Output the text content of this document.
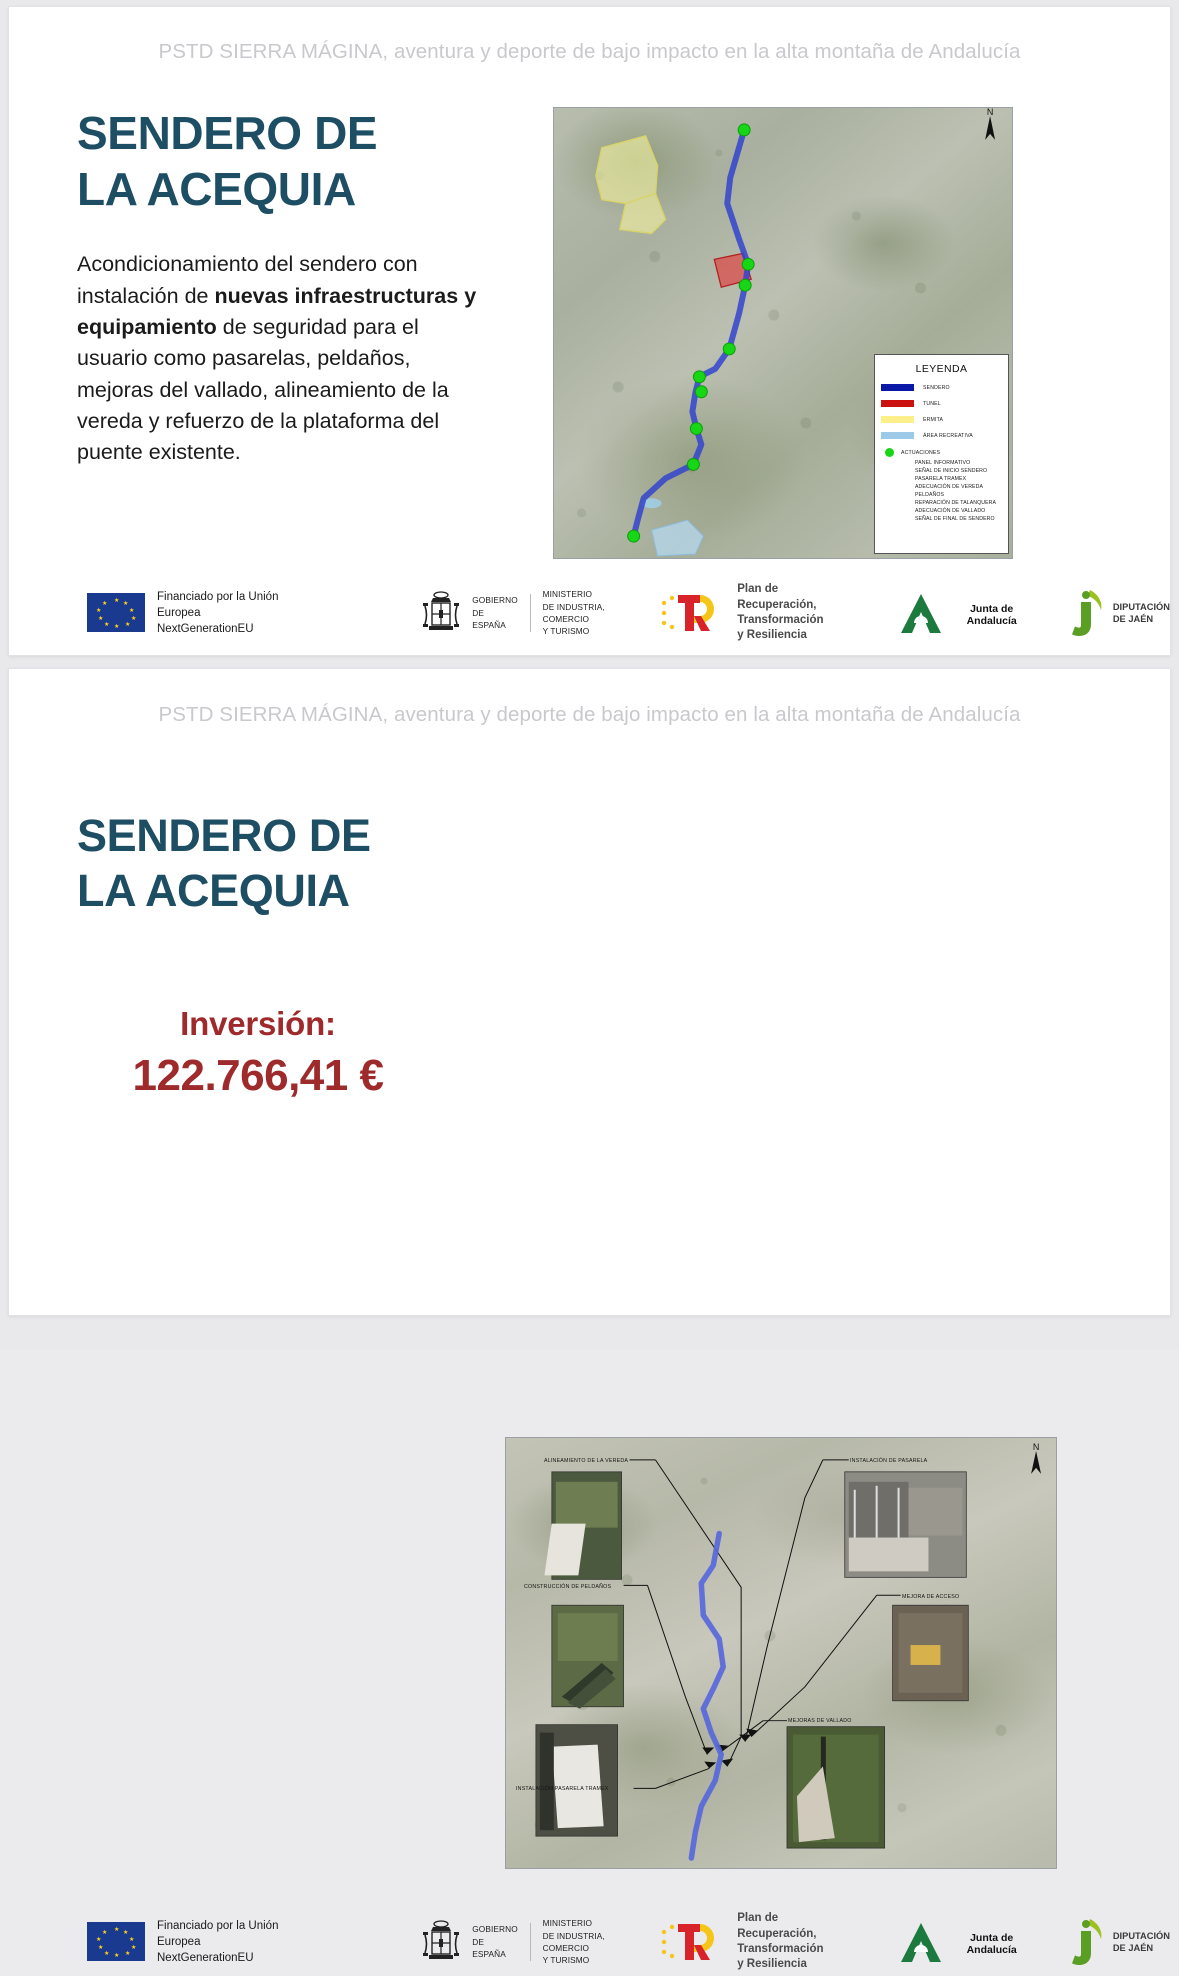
PSTD SIERRA MÁGINA, aventura y deporte de bajo impacto en la alta montaña de Andalucía
SENDERO DE
LA ACEQUIA
Acondicionamiento del sendero con instalación de nuevas infraestructuras y equipamiento de seguridad para el usuario como pasarelas, peldaños, mejoras del vallado, alineamiento de la vereda y refuerzo de la plataforma del puente existente.
N
LEYENDA
SENDERO
TUNEL
ERMITA
ÁREA RECREATIVA
ACTUACIONES
PANEL INFORMATIVO
SEÑAL DE INICIO SENDERO
PASARELA TRAMEX
ADECUACIÓN DE VEREDA
PELDAÑOS
REPARACIÓN DE TALANQUERA
ADECUACIÓN DE VALLADO
SEÑAL DE FINAL DE SENDERO
★ ★
★
★
★
★
★
★
★
★
Financiado por la Unión Europea
NextGenerationEU
GOBIERNO
DE ESPAÑA
MINISTERIO
DE INDUSTRIA, COMERCIO
Y TURISMO
Plan de Recuperación,
Transformación
y Resiliencia
Junta de Andalucía
DIPUTACIÓN
DE JAÉN
PSTD SIERRA MÁGINA, aventura y deporte de bajo impacto en la alta montaña de Andalucía
SENDERO DE
LA ACEQUIA
Inversión:
122.766,41 €
N
ALINEAMIENTO DE LA VEREDA	INSTALACIÓN DE PASARELA
CONSTRUCCIÓN DE PELDAÑOS
MEJORA DE ACCESO
MEJORAS DE VALLADO
INSTALACIÓN PASARELA TRAMEX
★ ★
★
★
★
★
★
★
★
★
Financiado por la Unión Europea
NextGenerationEU
GOBIERNO
DE ESPAÑA
MINISTERIO
DE INDUSTRIA, COMERCIO
Y TURISMO
Plan de Recuperación,
Transformación
y Resiliencia
Junta de Andalucía
DIPUTACIÓN
DE JAÉN
